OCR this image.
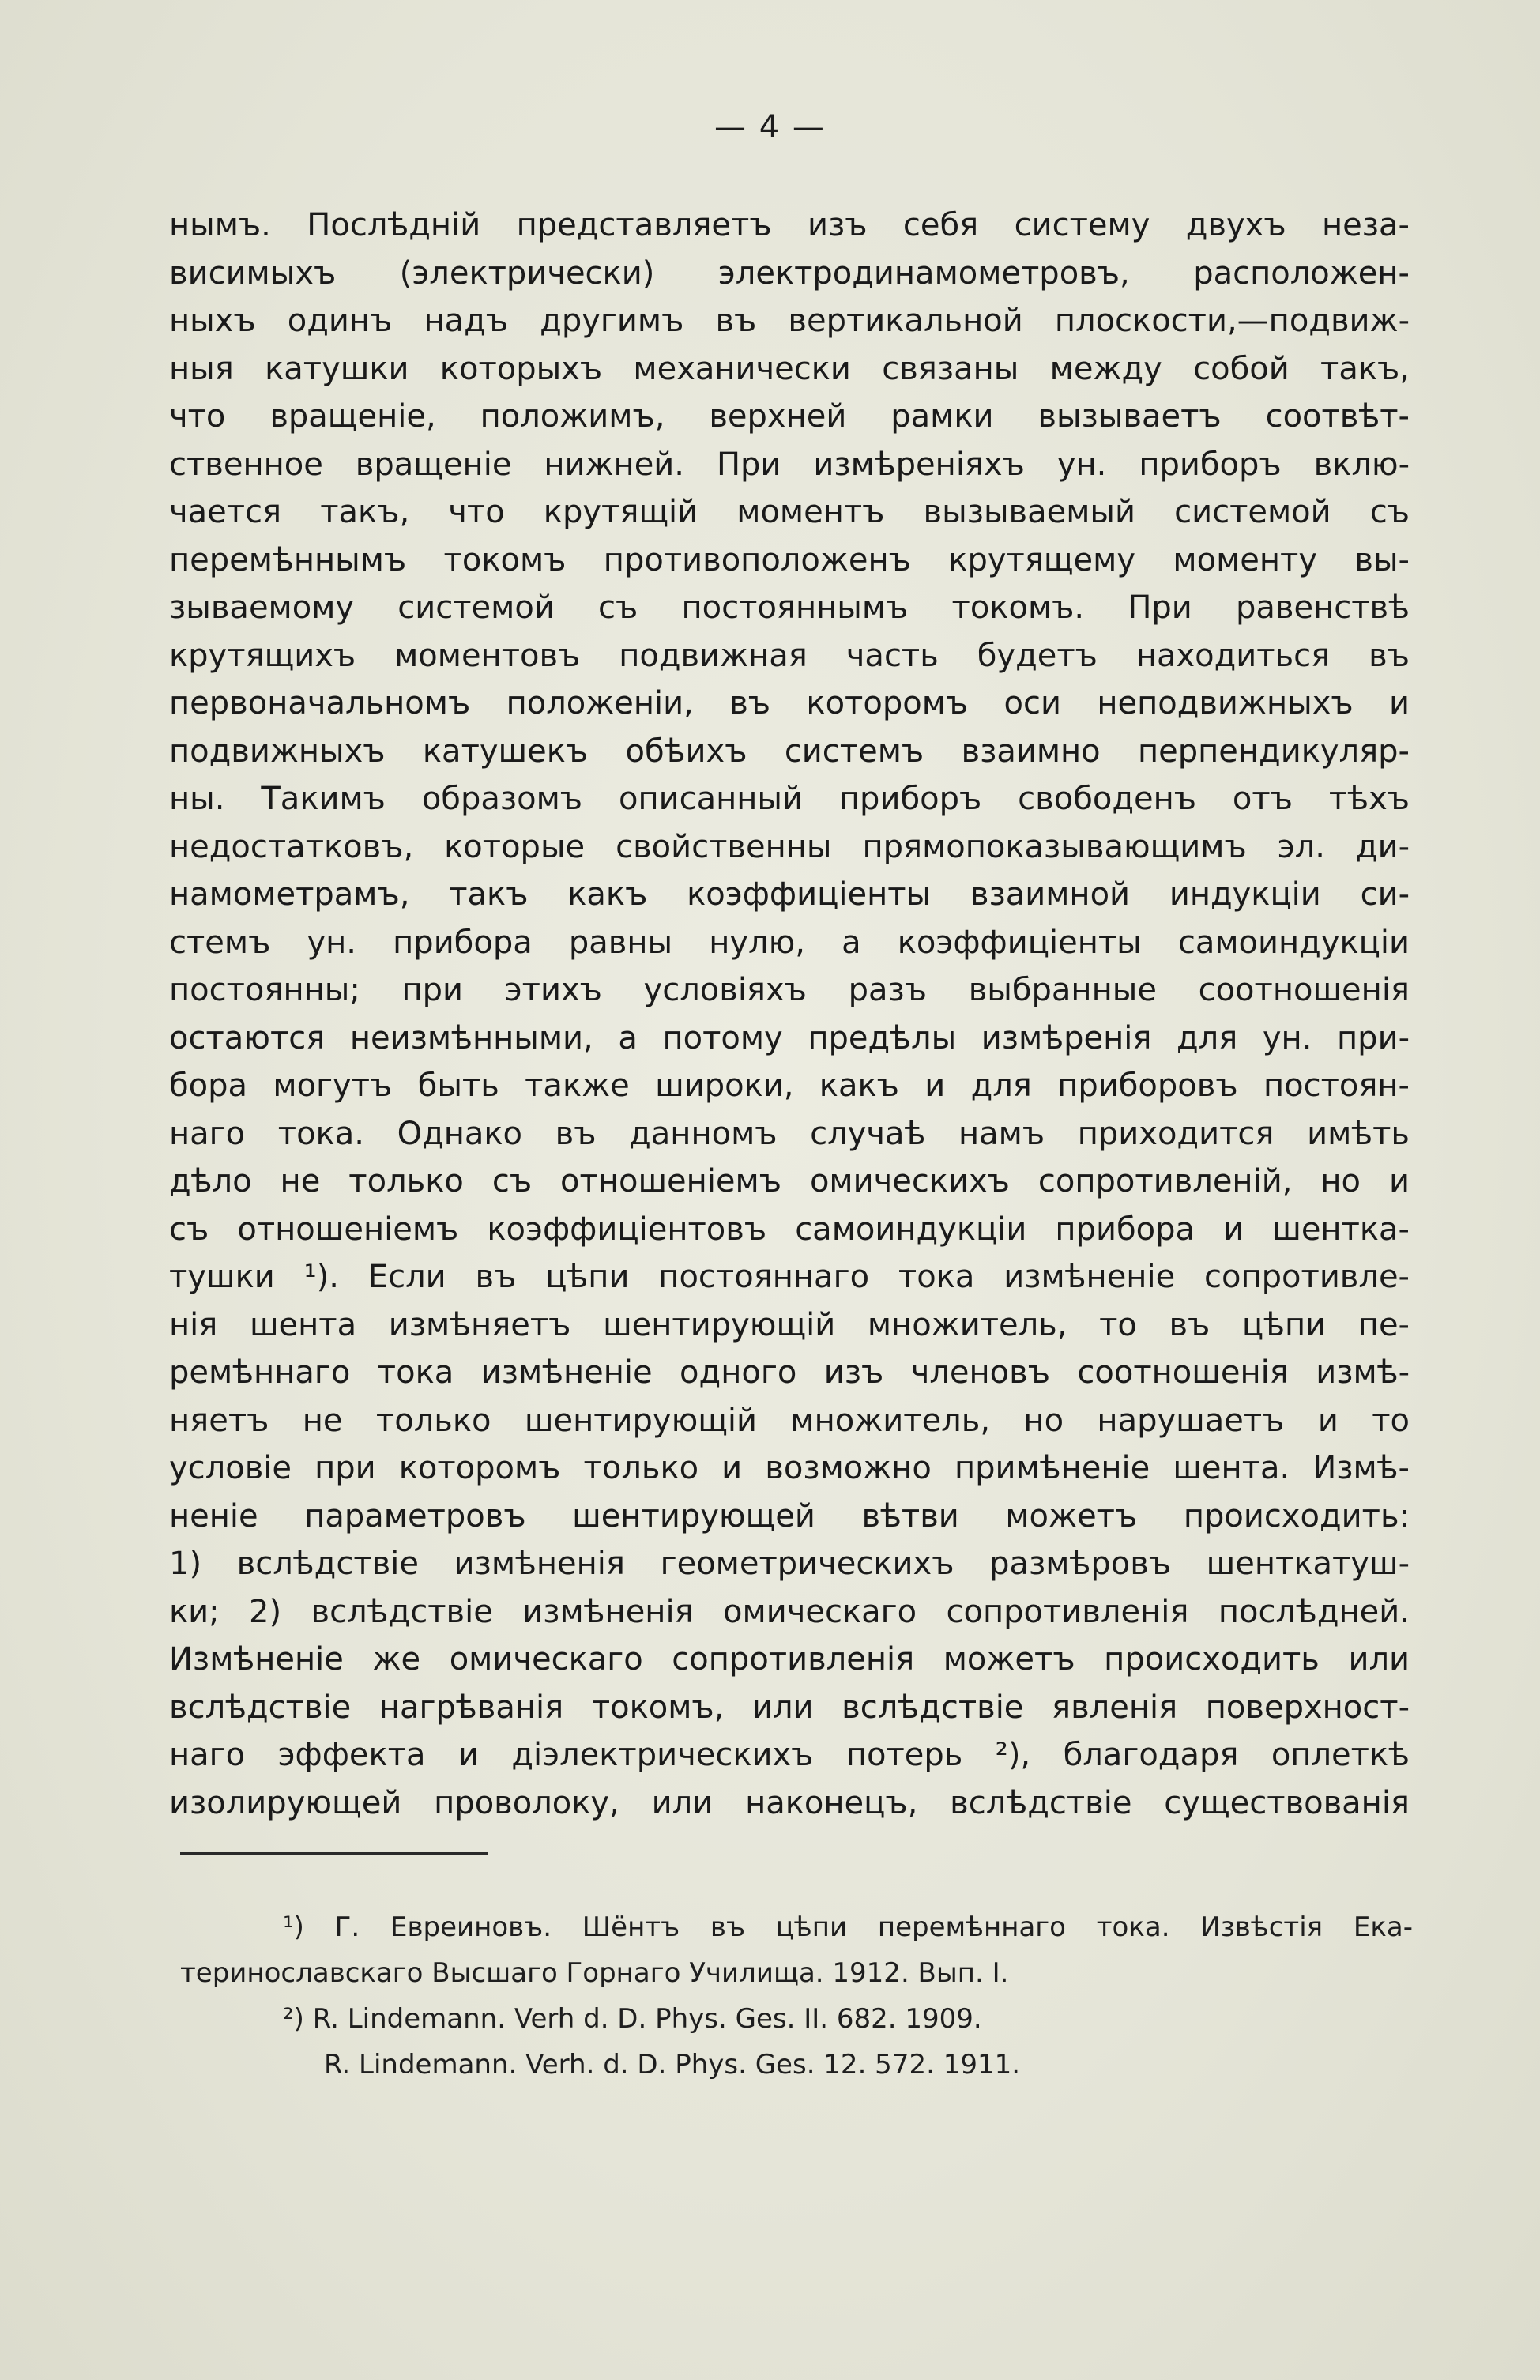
— 4 —
нымъ. Послѣдній представляетъ изъ себя систему двухъ неза-
висимыхъ (электрически) электродинамометровъ, расположен-
ныхъ одинъ надъ другимъ въ вертикальной плоскости,—подвиж-
ныя катушки которыхъ механически связаны между собой такъ,
что вращеніе, положимъ, верхней рамки вызываетъ соотвѣт-
ственное вращеніе нижней. При измѣреніяхъ ун. приборъ вклю-
чается такъ, что крутящій моментъ вызываемый системой съ
перемѣннымъ токомъ противоположенъ крутящему моменту вы-
зываемому системой съ постояннымъ токомъ. При равенствѣ
крутящихъ моментовъ подвижная часть будетъ находиться въ
первоначальномъ положеніи, въ которомъ оси неподвижныхъ и
подвижныхъ катушекъ обѣихъ системъ взаимно перпендикуляр-
ны. Такимъ образомъ описанный приборъ свободенъ отъ тѣхъ
недостатковъ, которые свойственны прямопоказывающимъ эл. ди-
намометрамъ, такъ какъ коэффиціенты взаимной индукціи си-
стемъ ун. прибора равны нулю, а коэффиціенты самоиндукціи
постоянны; при этихъ условіяхъ разъ выбранные соотношенія
остаются неизмѣнными, а потому предѣлы измѣренія для ун. при-
бора могутъ быть также широки, какъ и для приборовъ постоян-
наго тока. Однако въ данномъ случаѣ намъ приходится имѣть
дѣло не только съ отношеніемъ омическихъ сопротивленій, но и
съ отношеніемъ коэффиціентовъ самоиндукціи прибора и шентка-
тушки ¹). Если въ цѣпи постояннаго тока измѣненіе сопротивле-
нія шента измѣняетъ шентирующій множитель, то въ цѣпи пе-
ремѣннаго тока измѣненіе одного изъ членовъ соотношенія измѣ-
няетъ не только шентирующій множитель, но нарушаетъ и то
условіе при которомъ только и возможно примѣненіе шента. Измѣ-
неніе параметровъ шентирующей вѣтви можетъ происходить:
1) вслѣдствіе измѣненія геометрическихъ размѣровъ шенткатуш-
ки; 2) вслѣдствіе измѣненія омическаго сопротивленія послѣдней.
Измѣненіе же омическаго сопротивленія можетъ происходить или
вслѣдствіе нагрѣванія токомъ, или вслѣдствіе явленія поверхност-
наго эффекта и діэлектрическихъ потерь ²), благодаря оплеткѣ
изолирующей проволоку, или наконецъ, вслѣдствіе существованія
¹) Г. Евреиновъ. Шёнтъ въ цѣпи перемѣннаго тока. Извѣстія Ека-
теринославскаго Высшаго Горнаго Училища. 1912. Вып. I.
²) R. Lindemann. Verh d. D. Phys. Ges. II. 682. 1909.
R. Lindemann. Verh. d. D. Phys. Ges. 12. 572. 1911.
